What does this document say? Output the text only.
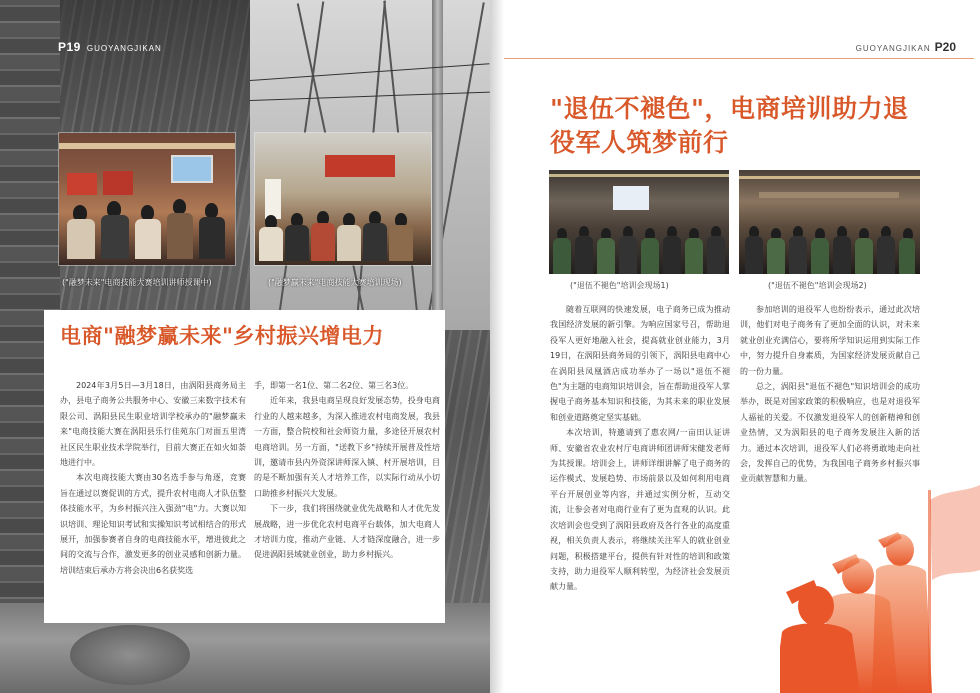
P19 GUOYANGJIKAN
("融梦未来"电商技能大赛培训讲师授课中)	("融梦赢未来"电商技能大赛培训现场)
电商"融梦赢未来"乡村振兴增电力

2024年3月5日—3月18日，由涡阳县商务局主办，县电子商务公共服务中心、安徽三来数字技术有限公司、涡阳县民生职业培训学校承办的"融梦赢未来"电商技能大赛在涡阳县乐行佳苑东门对面五里湾社区民生职业技术学院举行，目前大赛正在如火如荼地进行中。

本次电商技能大赛由30名选手参与角逐，竞赛旨在通过以赛促训的方式，提升农村电商人才队伍整体技能水平，为乡村振兴注入强劲"电"力。大赛以知识培训、理论知识考试和实操知识考试相结合的形式展开，加强参赛者自身的电商技能水平，增进彼此之间的交流与合作，激发更多的创业灵感和创新力量。培训结束后承办方将会决出6名获奖选

手，即第一名1位、第二名2位、第三名3位。

近年来，我县电商呈现良好发展态势，投身电商行业的人越来越多，为深入推进农村电商发展，我县一方面，整合院校和社会师资力量，多途径开展农村电商培训。另一方面，"送教下乡"持续开展普及性培训，邀请市县内外资深讲师深入镇、村开展培训，目的是不断加强有关人才培养工作，以实际行动从小切口助推乡村振兴大发展。

下一步，我们将围绕就业优先战略和人才优先发展战略，进一步优化农村电商平台载体，加大电商人才培训力度，推动产业链、人才链深度融合，进一步促进涡阳县域就业创业，助力乡村振兴。

GUOYANGJIKAN P20
"退伍不褪色"，电商培训助力退役军人筑梦前行
("退伍不褪色"培训会现场1)	("退伍不褪色"培训会现场2)

随着互联网的快速发展，电子商务已成为推动我国经济发展的新引擎。为响应国家号召，帮助退役军人更好地融入社会，提高就业创业能力，3月19日，在涡阳县商务局的引领下，涡阳县电商中心在涡阳县凤凰酒店成功举办了一场以"退伍不褪色"为主题的电商知识培训会，旨在帮助退役军人掌握电子商务基本知识和技能，为其未来的职业发展和创业道路奠定坚实基础。

本次培训，特邀请到了惠农网/一亩田认证讲师、安徽省农业农村厅电商讲师团讲师宋健发老师为其授课。培训会上，讲师详细讲解了电子商务的运作模式、发展趋势、市场前景以及如何利用电商平台开展创业等内容，并通过实例分析，互动交流，让参会者对电商行业有了更为直观的认识。此次培训会也受到了涡阳县政府及各行各业的高度重视，相关负责人表示，将继续关注军人的就业创业问题，积极搭建平台，提供有针对性的培训和政策支持，助力退役军人顺利转型，为经济社会发展贡献力量。

参加培训的退役军人也纷纷表示，通过此次培训，他们对电子商务有了更加全面的认识，对未来就业创业充满信心，要将所学知识运用到实际工作中，努力提升自身素质，为国家经济发展贡献自己的一份力量。

总之，涡阳县"退伍不褪色"知识培训会的成功举办，既是对国家政策的积极响应，也是对退役军人福祉的关爱。不仅激发退役军人的创新精神和创业热情，又为涡阳县的电子商务发展注入新的活力。通过本次培训，退役军人们必将勇敢地走向社会，发挥自己的优势，为我国电子商务乡村振兴事业贡献智慧和力量。
